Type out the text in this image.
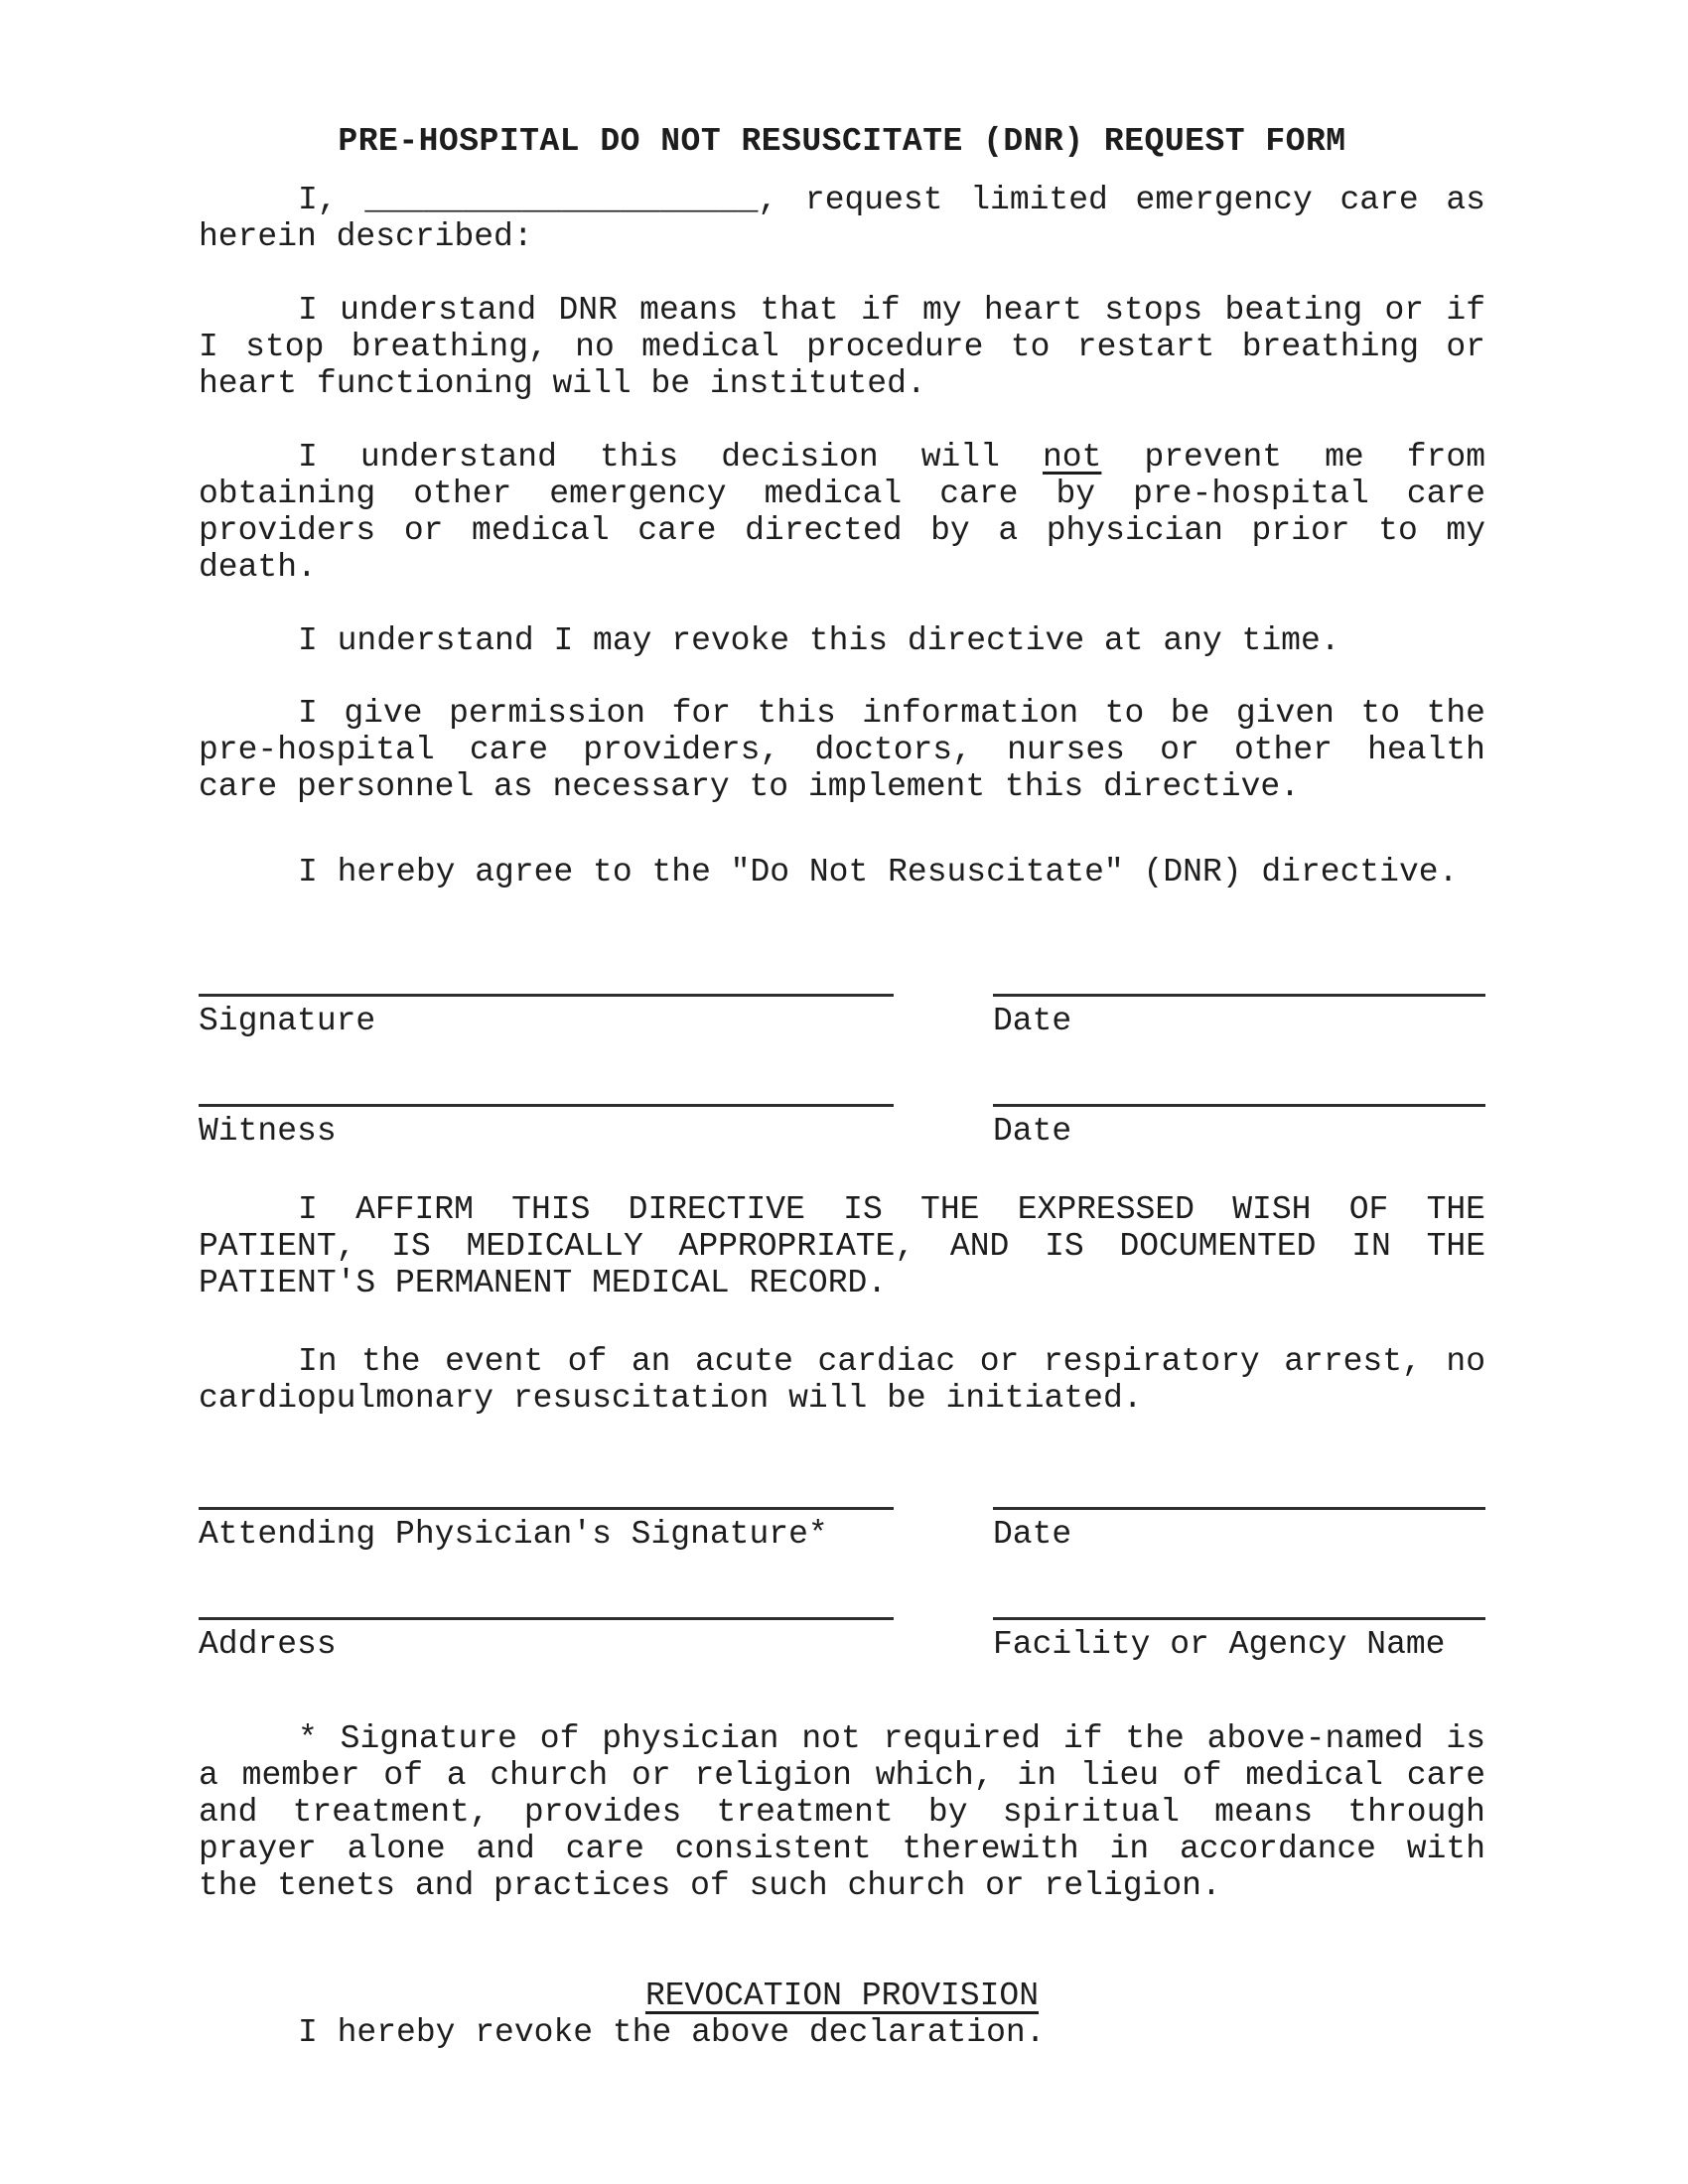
PRE-HOSPITAL DO NOT RESUSCITATE (DNR) REQUEST FORM
I, ____________________, request limited emergency care as
herein described:
I understand DNR means that if my heart stops beating or if
I stop breathing, no medical procedure to restart breathing or
heart functioning will be instituted.
I understand this decision will not prevent me from
obtaining other emergency medical care by pre-hospital care
providers or medical care directed by a physician prior to my
death.
I understand I may revoke this directive at any time.
I give permission for this information to be given to the
pre-hospital care providers, doctors, nurses or other health
care personnel as necessary to implement this directive.
I hereby agree to the "Do Not Resuscitate" (DNR) directive.
Signature	Date
Witness	Date
I AFFIRM THIS DIRECTIVE IS THE EXPRESSED WISH OF THE
PATIENT, IS MEDICALLY APPROPRIATE, AND IS DOCUMENTED IN THE
PATIENT'S PERMANENT MEDICAL RECORD.
In the event of an acute cardiac or respiratory arrest, no
cardiopulmonary resuscitation will be initiated.
Attending Physician's Signature*	Date
Address	Facility or Agency Name
* Signature of physician not required if the above-named is
a member of a church or religion which, in lieu of medical care
and treatment, provides treatment by spiritual means through
prayer alone and care consistent therewith in accordance with
the tenets and practices of such church or religion.
REVOCATION PROVISION
I hereby revoke the above declaration.
